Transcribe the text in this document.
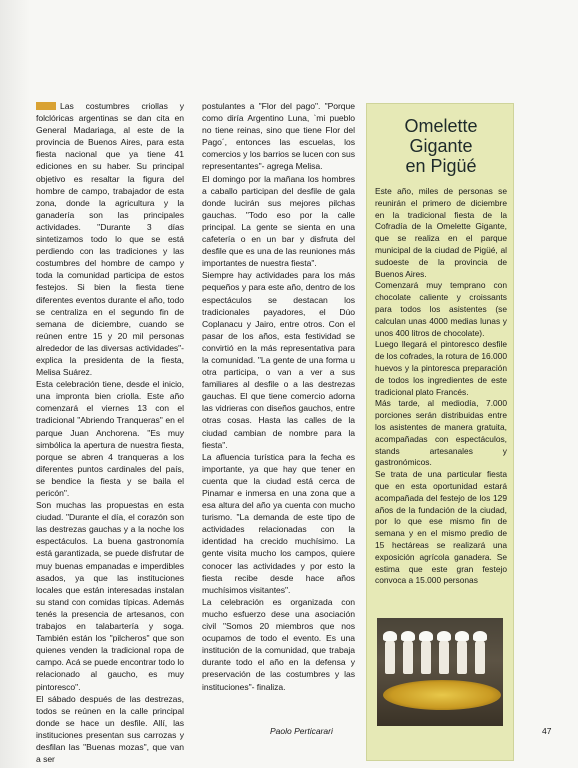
Las costumbres criollas y folclóricas argentinas se dan cita en General Madariaga, al este de la provincia de Buenos Aires, para esta fiesta nacional que ya tiene 41 ediciones en su haber. Su principal objetivo es resaltar la figura del hombre de campo, trabajador de esta zona, donde la agricultura y la ganadería son las principales actividades. "Durante 3 días sintetizamos todo lo que se está perdiendo con las tradiciones y las costumbres del hombre de campo y toda la comunidad participa de estos festejos. Si bien la fiesta tiene diferentes eventos durante el año, todo se centraliza en el segundo fin de semana de diciembre, cuando se reúnen entre 15 y 20 mil personas alrededor de las diversas actividades"- explica la presidenta de la fiesta, Melisa Suárez.

Esta celebración tiene, desde el inicio, una impronta bien criolla. Este año comenzará el viernes 13 con el tradicional "Abriendo Tranqueras" en el parque Juan Anchorena. "Es muy simbólica la apertura de nuestra fiesta, porque se abren 4 tranqueras a los diferentes puntos cardinales del país, se bendice la fiesta y se baila el pericón".

Son muchas las propuestas en esta ciudad. "Durante el día, el corazón son las destrezas gauchas y a la noche los espectáculos. La buena gastronomía está garantizada, se puede disfrutar de muy buenas empanadas e imperdibles asados, ya que las instituciones locales que están interesadas instalan su stand con comidas típicas. Además tenés la presencia de artesanos, con trabajos en talabartería y soga. También están los "pilcheros" que son quienes venden la tradicional ropa de campo. Acá se puede encontrar todo lo relacionado al gaucho, es muy pintoresco".

El sábado después de las destrezas, todos se reúnen en la calle principal donde se hace un desfile. Allí, las instituciones presentan sus carrozas y desfilan las "Buenas mozas", que van a ser

postulantes a "Flor del pago". "Porque como diría Argentino Luna, `mi pueblo no tiene reinas, sino que tiene Flor del Pago´, entonces las escuelas, los comercios y los barrios se lucen con sus representantes"- agrega Melisa.

El domingo por la mañana los hombres a caballo participan del desfile de gala donde lucirán sus mejores pilchas gauchas. "Todo eso por la calle principal. La gente se sienta en una cafetería o en un bar y disfruta del desfile que es una de las reuniones más importantes de nuestra fiesta".

Siempre hay actividades para los más pequeños y para este año, dentro de los espectáculos se destacan los tradicionales payadores, el Dúo Coplanacu y Jairo, entre otros. Con el pasar de los años, esta festividad se convirtió en la más representativa para la comunidad. "La gente de una forma u otra participa, o van a ver a sus familiares al desfile o a las destrezas gauchas. El que tiene comercio adorna las vidrieras con diseños gauchos, entre otras cosas. Hasta las calles de la ciudad cambian de nombre para la fiesta".

La afluencia turística para la fecha es importante, ya que hay que tener en cuenta que la ciudad está cerca de Pinamar e inmersa en una zona que a esa altura del año ya cuenta con mucho turismo. "La demanda de este tipo de actividades relacionadas con la identidad ha crecido muchísimo. La gente visita mucho los campos, quiere conocer las actividades y por esto la fiesta recibe desde hace años muchísimos visitantes".

La celebración es organizada con mucho esfuerzo dese una asociación civil "Somos 20 miembros que nos ocupamos de todo el evento. Es una institución de la comunidad, que trabaja durante todo el año en la defensa y preservación de las costumbres y las instituciones"- finaliza.

Paolo Perticarari
Omelette
Gigante
en Pigüé

Este año, miles de personas se reunirán el primero de diciembre en la tradicional fiesta de la Cofradía de la Omelette Gigante, que se realiza en el parque municipal de la ciudad de Pigüé, al sudoeste de la provincia de Buenos Aires.

Comenzará muy temprano con chocolate caliente y croissants para todos los asistentes (se calculan unas 4000 medias lunas y unos 400 litros de chocolate).

Luego llegará el pintoresco desfile de los cofrades, la rotura de 16.000 huevos y la pintoresca preparación de todos los ingredientes de este tradicional plato Francés.

Más tarde, al mediodía, 7.000 porciones serán distribuidas entre los asistentes de manera gratuita, acompañadas con espectáculos, stands artesanales y gastronómicos.

Se trata de una particular fiesta que en esta oportunidad estará acompañada del festejo de los 129 años de la fundación de la ciudad, por lo que ese mismo fin de semana y en el mismo predio de 15 hectáreas se realizará una exposición agrícola ganadera. Se estima que este gran festejo convoca a 15.000 personas

47
